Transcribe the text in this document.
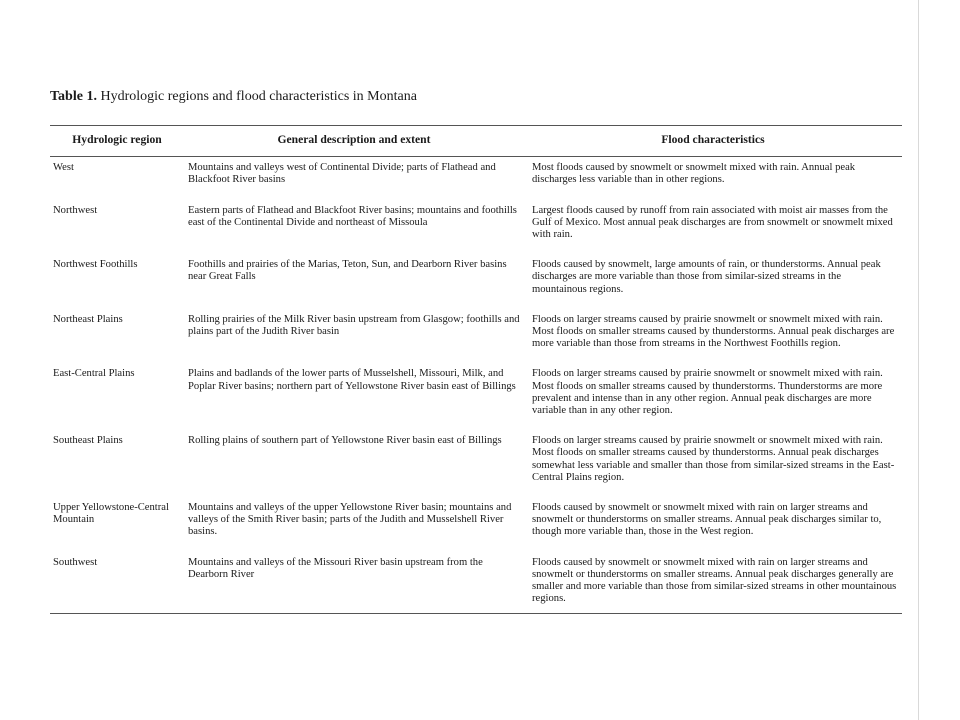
Table 1. Hydrologic regions and flood characteristics in Montana
Hydrologic region	General description and extent	Flood characteristics
West	Mountains and valleys west of Continental Divide; parts of Flathead and Blackfoot River basins	Most floods caused by snowmelt or snowmelt mixed with rain. Annual peak discharges less variable than in other regions.
Northwest	Eastern parts of Flathead and Blackfoot River basins; mountains and foothills east of the Continental Divide and northeast of Missoula	Largest floods caused by runoff from rain associated with moist air masses from the Gulf of Mexico. Most annual peak discharges are from snowmelt or snowmelt mixed with rain.
Northwest Foothills	Foothills and prairies of the Marias, Teton, Sun, and Dearborn River basins near Great Falls	Floods caused by snowmelt, large amounts of rain, or thunderstorms. Annual peak discharges are more variable than those from similar-sized streams in the mountainous regions.
Northeast Plains	Rolling prairies of the Milk River basin upstream from Glasgow; foothills and plains part of the Judith River basin	Floods on larger streams caused by prairie snowmelt or snowmelt mixed with rain. Most floods on smaller streams caused by thunderstorms. Annual peak discharges are more variable than those from streams in the Northwest Foothills region.
East-Central Plains	Plains and badlands of the lower parts of Musselshell, Missouri, Milk, and Poplar River basins; northern part of Yellowstone River basin east of Billings	Floods on larger streams caused by prairie snowmelt or snowmelt mixed with rain. Most floods on smaller streams caused by thunderstorms. Thunderstorms are more prevalent and intense than in any other region. Annual peak discharges are more variable than in any other region.
Southeast Plains	Rolling plains of southern part of Yellowstone River basin east of Billings	Floods on larger streams caused by prairie snowmelt or snowmelt mixed with rain. Most floods on smaller streams caused by thunderstorms. Annual peak discharges somewhat less variable and smaller than those from similar-sized streams in the East-Central Plains region.
Upper Yellowstone-Central Mountain	Mountains and valleys of the upper Yellowstone River basin; mountains and valleys of the Smith River basin; parts of the Judith and Musselshell River basins.	Floods caused by snowmelt or snowmelt mixed with rain on larger streams and snowmelt or thunderstorms on smaller streams. Annual peak discharges similar to, though more variable than, those in the West region.
Southwest	Mountains and valleys of the Missouri River basin upstream from the Dearborn River	Floods caused by snowmelt or snowmelt mixed with rain on larger streams and snowmelt or thunderstorms on smaller streams. Annual peak discharges generally are smaller and more variable than those from similar-sized streams in other mountainous regions.
